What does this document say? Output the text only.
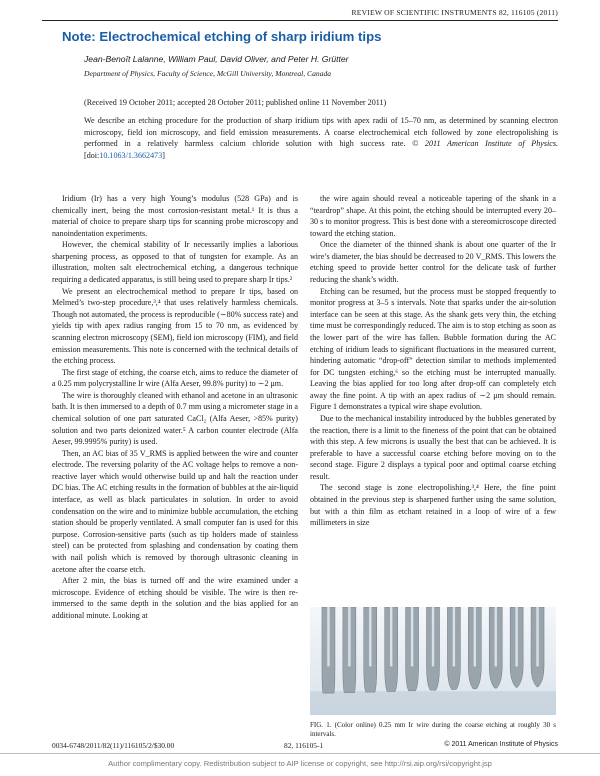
REVIEW OF SCIENTIFIC INSTRUMENTS 82, 116105 (2011)
Note: Electrochemical etching of sharp iridium tips
Jean-Benoît Lalanne, William Paul, David Oliver, and Peter H. Grütter
Department of Physics, Faculty of Science, McGill University, Montreal, Canada
(Received 19 October 2011; accepted 28 October 2011; published online 11 November 2011)

We describe an etching procedure for the production of sharp iridium tips with apex radii of 15–70 nm, as determined by scanning electron microscopy, field ion microscopy, and field emission measurements. A coarse electrochemical etch followed by zone electropolishing is performed in a relatively harmless calcium chloride solution with high success rate. © 2011 American Institute of Physics. [doi:10.1063/1.3662473]

Iridium (Ir) has a very high Young’s modulus (528 GPa) and is chemically inert, being the most corrosion-resistant metal.¹ It is thus a material of choice to prepare sharp tips for scanning probe microscopy and nanoindentation experiments.

However, the chemical stability of Ir necessarily implies a laborious sharpening process, as opposed to that of tungsten for example. As an illustration, molten salt electrochemical etching, a dangerous technique requiring a dedicated apparatus, is still being used to prepare sharp Ir tips.²

We present an electrochemical method to prepare Ir tips, based on Melmed’s two-step procedure,³,⁴ that uses relatively harmless chemicals. Though not automated, the process is reproducible (∼80% success rate) and yields tip with apex radius ranging from 15 to 70 nm, as evidenced by scanning electron microscopy (SEM), field ion microscopy (FIM), and field emission measurements. This note is concerned with the technical details of the etching process.

The first stage of etching, the coarse etch, aims to reduce the diameter of a 0.25 mm polycrystalline Ir wire (Alfa Aeser, 99.8% purity) to ∼2 μm.

The wire is thoroughly cleaned with ethanol and acetone in an ultrasonic bath. It is then immersed to a depth of 0.7 mm using a micrometer stage in a chemical solution of one part saturated CaCl₂ (Alfa Aeser, >85% purity) solution and two parts deionized water.⁵ A carbon counter electrode (Alfa Aeser, 99.9995% purity) is used.

Then, an AC bias of 35 V_RMS is applied between the wire and counter electrode. The reversing polarity of the AC voltage helps to remove a non-reactive layer which would otherwise build up and halt the reaction under DC bias. The AC etching results in the formation of bubbles at the air-liquid interface, as well as black particulates in solution. In order to avoid condensation on the wire and to minimize bubble accumulation, the etching station should be properly ventilated. A small computer fan is used for this purpose. Corrosion-sensitive parts (such as tip holders made of stainless steel) can be protected from splashing and condensation by coating them with nail polish which is removed by thorough ultrasonic cleaning in acetone after the coarse etch.

After 2 min, the bias is turned off and the wire examined under a microscope. Evidence of etching should be visible. The wire is then re-immersed to the same depth in the solution and the bias applied for an additional minute. Looking at

the wire again should reveal a noticeable tapering of the shank in a “teardrop” shape. At this point, the etching should be interrupted every 20–30 s to monitor progress. This is best done with a stereomicroscope directed toward the etching station.

Once the diameter of the thinned shank is about one quarter of the Ir wire’s diameter, the bias should be decreased to 20 V_RMS. This lowers the etching speed to provide better control for the delicate task of further reducing the shank’s width.

Etching can be resumed, but the process must be stopped frequently to monitor progress at 3–5 s intervals. Note that sparks under the air-solution interface can be seen at this stage. As the shank gets very thin, the etching time must be correspondingly reduced. The aim is to stop etching as soon as the lower part of the wire has fallen. Bubble formation during the AC etching of iridium leads to significant fluctuations in the measured current, hindering automatic “drop-off” detection similar to methods implemented for DC tungsten etching,⁶ so the etching must be interrupted manually. Leaving the bias applied for too long after drop-off can completely etch away the fine point. A tip with an apex radius of ∼2 μm should remain. Figure 1 demonstrates a typical wire shape evolution.

Due to the mechanical instability introduced by the bubbles generated by the reaction, there is a limit to the fineness of the point that can be obtained with this step. A few microns is usually the best that can be achieved. It is preferable to have a successful coarse etching before moving on to the second stage. Figure 2 displays a typical poor and optimal coarse etching result.

The second stage is zone electropolishing.³,⁴ Here, the fine point obtained in the previous step is sharpened further using the same solution, but with a thin film as etchant retained in a loop of wire of a few millimeters in size

FIG. 1. (Color online) 0.25 mm Ir wire during the coarse etching at roughly 30 s intervals.
0034-6748/2011/82(11)/116105/2/$30.00	82, 116105-1	© 2011 American Institute of Physics
Author complimentary copy. Redistribution subject to AIP license or copyright, see http://rsi.aip.org/rsi/copyright.jsp
